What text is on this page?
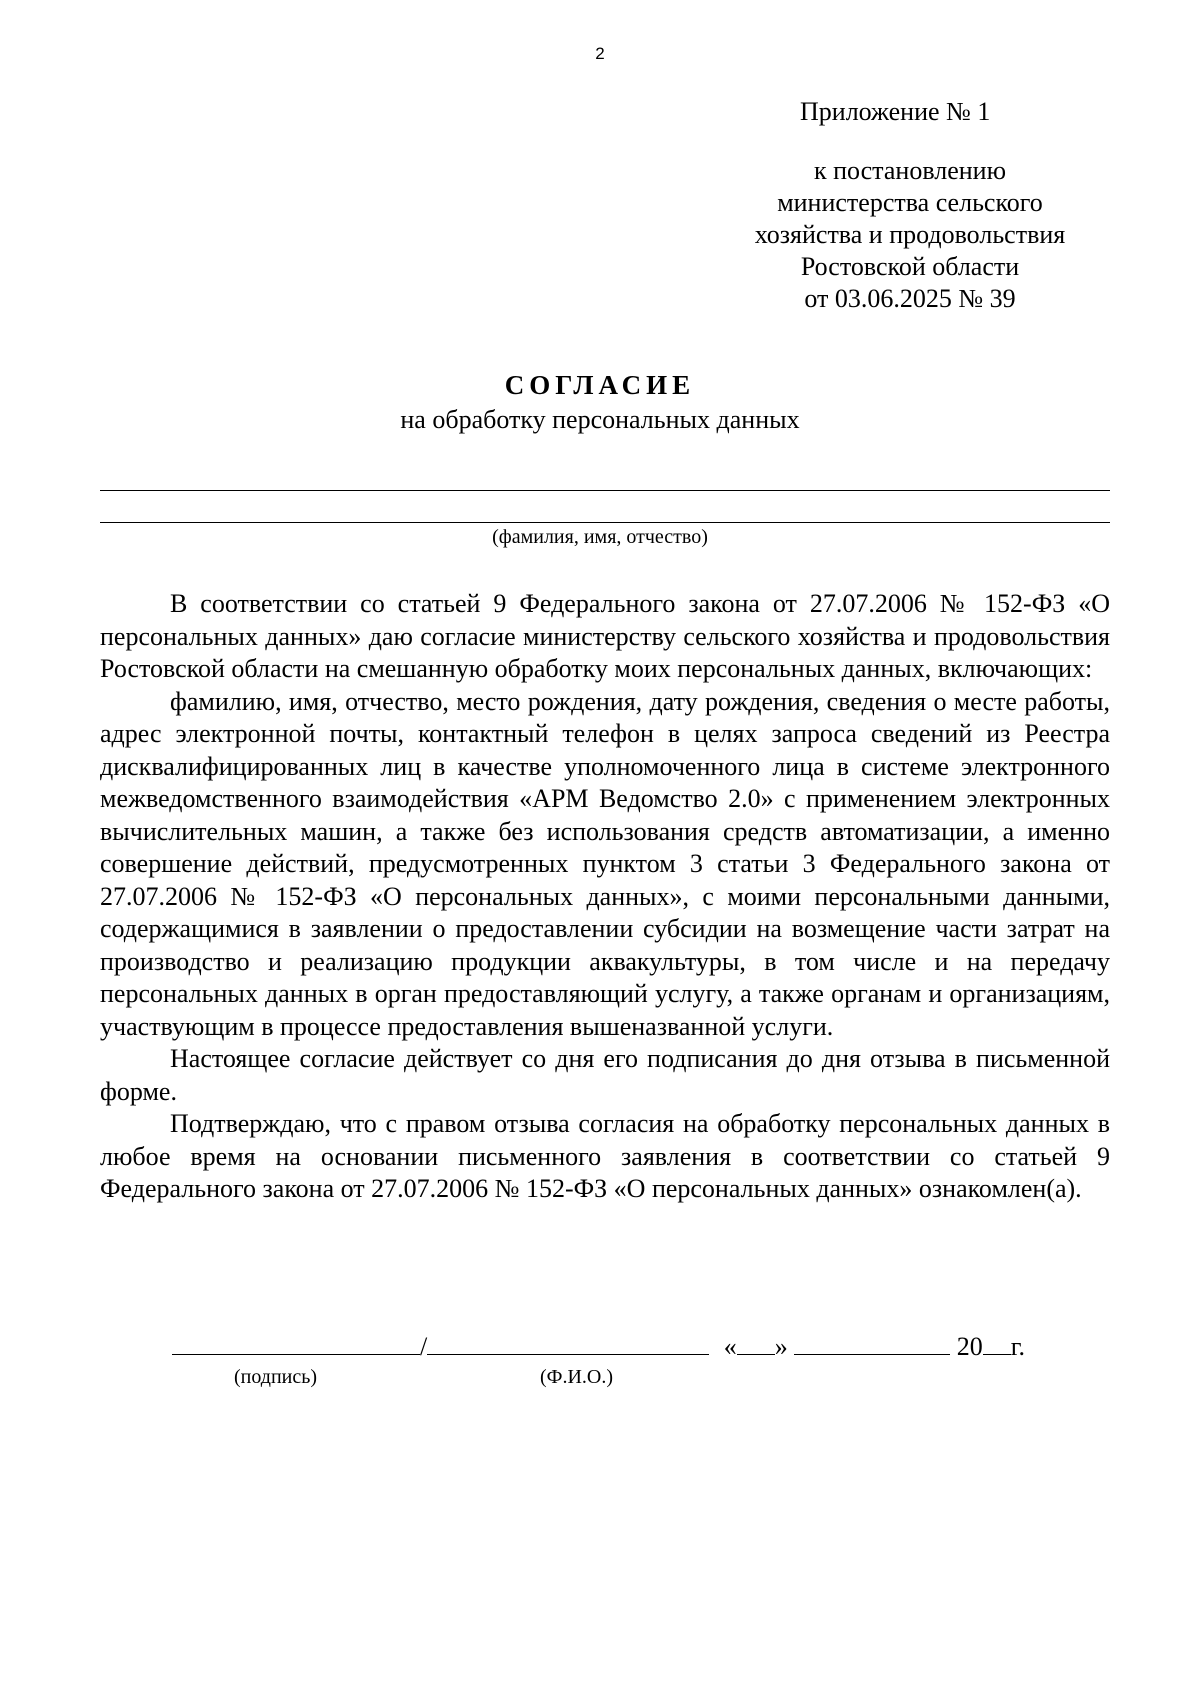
2
Приложение № 1
к постановлению
министерства сельского
хозяйства и продовольствия
Ростовской области
от 03.06.2025 № 39
СОГЛАСИЕ
на обработку персональных данных
(фамилия, имя, отчество)

В соответствии со статьей 9 Федерального закона от 27.07.2006 № 152-ФЗ «О персональных данных» даю согласие министерству сельского хозяйства и продовольствия Ростовской области на смешанную обработку моих персональных данных, включающих:

фамилию, имя, отчество, место рождения, дату рождения, сведения о месте работы, адрес электронной почты, контактный телефон в целях запроса сведений из Реестра дисквалифицированных лиц в качестве уполномоченного лица в системе электронного межведомственного взаимодействия «АРМ Ведомство 2.0» с применением электронных вычислительных машин, а также без использования средств автоматизации, а именно совершение действий, предусмотренных пунктом 3 статьи 3 Федерального закона от 27.07.2006 № 152-ФЗ «О персональных данных», с моими персональными данными, содержащимися в заявлении о предоставлении субсидии на возмещение части затрат на производство и реализацию продукции аквакультуры, в том числе и на передачу персональных данных в орган предоставляющий услугу, а также органам и организациям, участвующим в процессе предоставления вышеназванной услуги.

Настоящее согласие действует со дня его подписания до дня отзыва в письменной форме.

Подтверждаю, что с правом отзыва согласия на обработку персональных данных в любое время на основании письменного заявления в соответствии со статьей 9 Федерального закона от 27.07.2006 № 152-ФЗ «О персональных данных» ознакомлен(а).

/	« »	20 г.
(подпись)	(Ф.И.О.)
